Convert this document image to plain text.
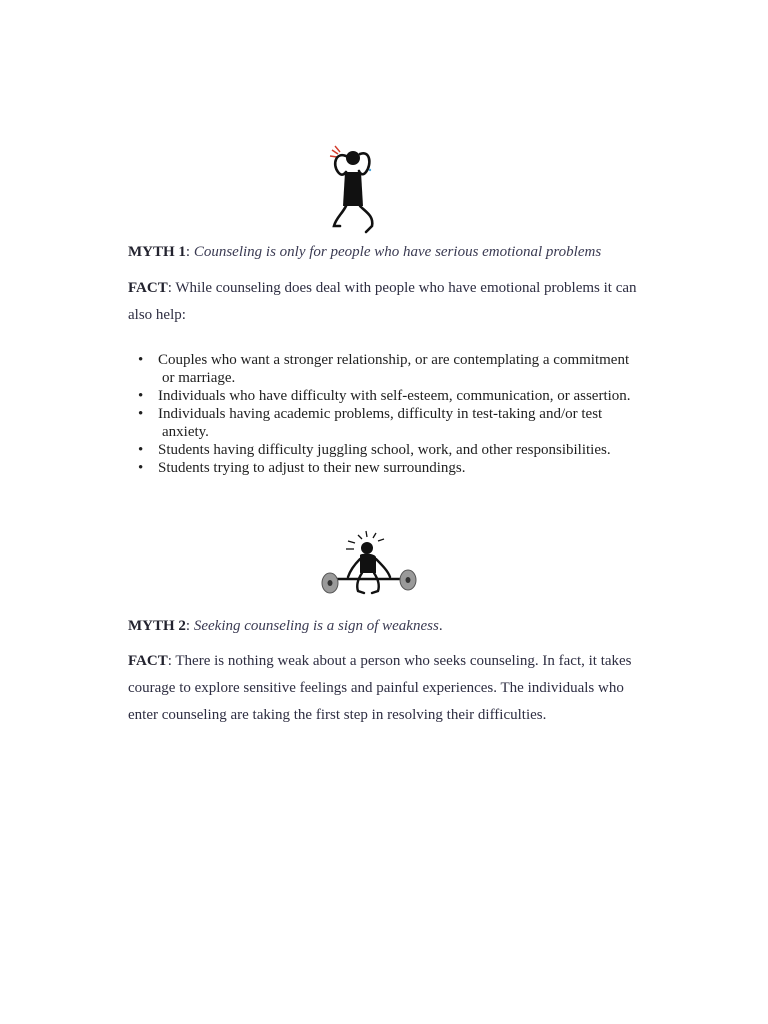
MYTH 1: Counseling is only for people who have serious emotional problems
FACT: While counseling does deal with people who have emotional problems it can also help:
• Couples who want a stronger relationship, or are contemplating a commitment
or marriage.
• Individuals who have difficulty with self-esteem, communication, or assertion.
• Individuals having academic problems, difficulty in test-taking and/or test
anxiety.
• Students having difficulty juggling school, work, and other responsibilities.
• Students trying to adjust to their new surroundings.
MYTH 2: Seeking counseling is a sign of weakness.
FACT: There is nothing weak about a person who seeks counseling. In fact, it takes courage to explore sensitive feelings and painful experiences. The individuals who enter counseling are taking the first step in resolving their difficulties.
